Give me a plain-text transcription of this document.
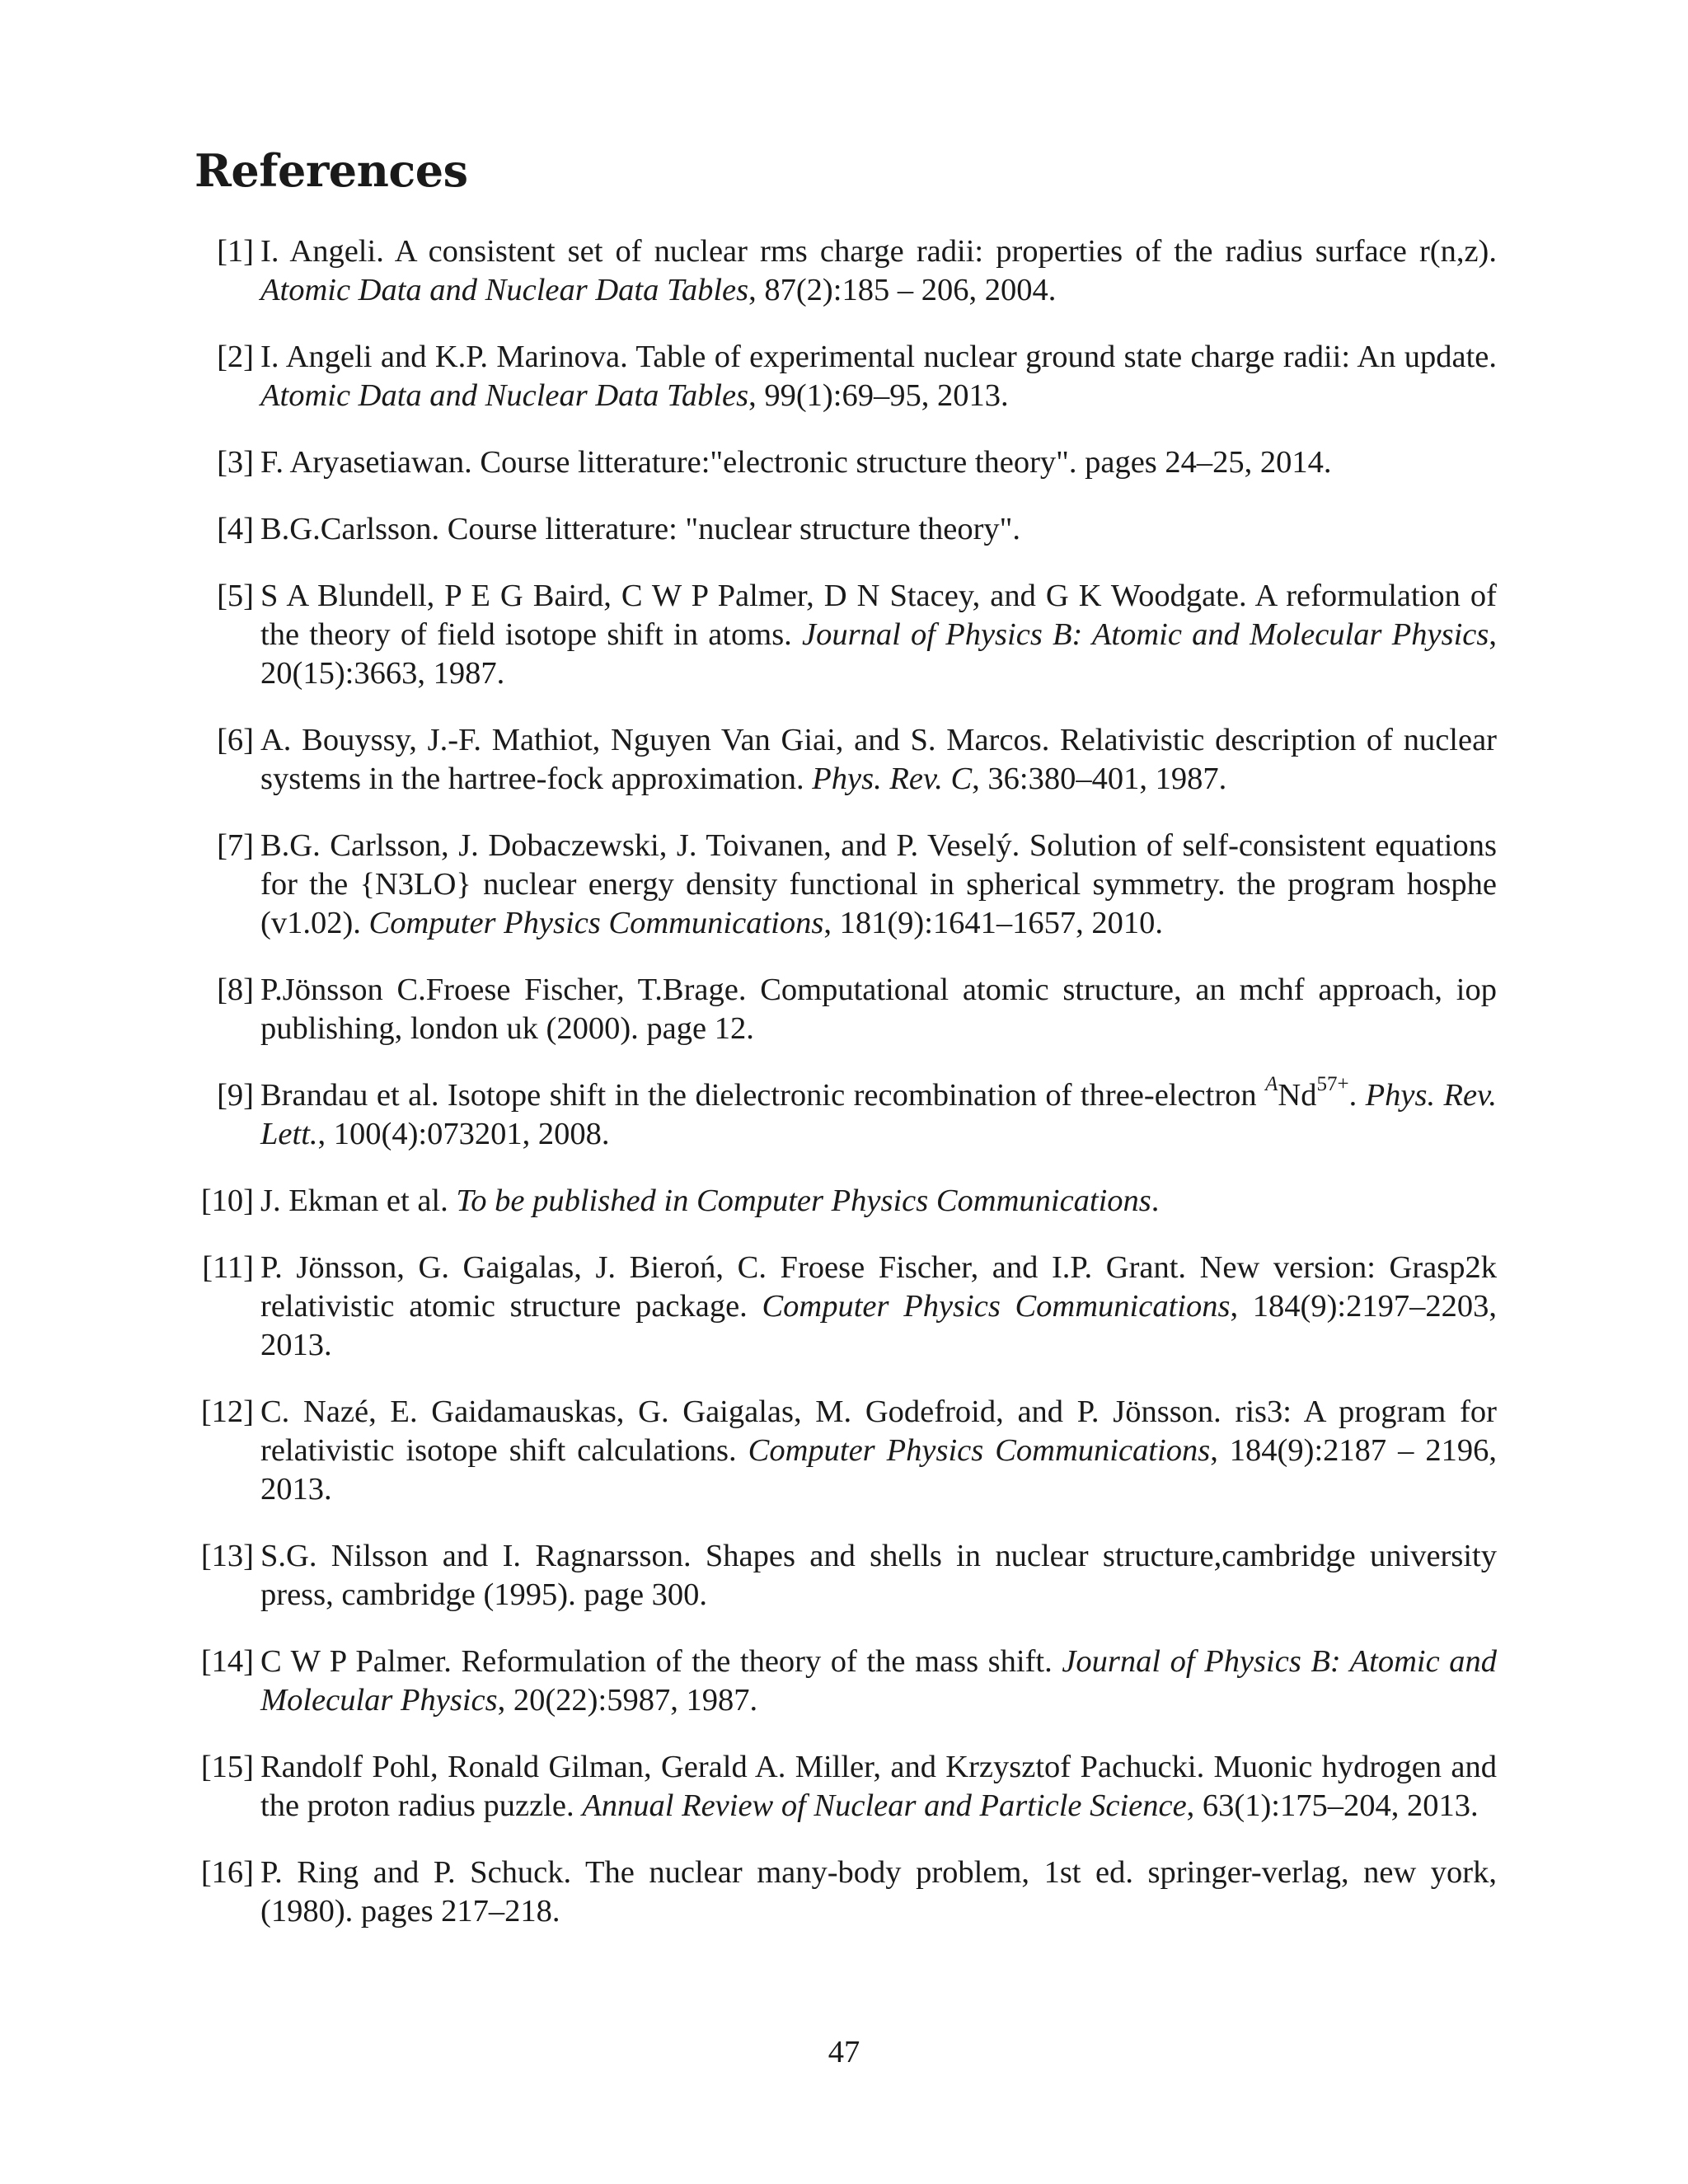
References
[1] I. Angeli. A consistent set of nuclear rms charge radii: properties of the radius surface r(n,z). Atomic Data and Nuclear Data Tables, 87(2):185 – 206, 2004.
[2] I. Angeli and K.P. Marinova. Table of experimental nuclear ground state charge radii: An update. Atomic Data and Nuclear Data Tables, 99(1):69–95, 2013.
[3] F. Aryasetiawan. Course litterature:"electronic structure theory". pages 24–25, 2014.
[4] B.G.Carlsson. Course litterature: "nuclear structure theory".
[5] S A Blundell, P E G Baird, C W P Palmer, D N Stacey, and G K Woodgate. A reformulation of the theory of field isotope shift in atoms. Journal of Physics B: Atomic and Molecular Physics, 20(15):3663, 1987.
[6] A. Bouyssy, J.-F. Mathiot, Nguyen Van Giai, and S. Marcos. Relativistic description of nuclear systems in the hartree-fock approximation. Phys. Rev. C, 36:380–401, 1987.
[7] B.G. Carlsson, J. Dobaczewski, J. Toivanen, and P. Veselý. Solution of self-consistent equations for the {N3LO} nuclear energy density functional in spherical symmetry. the program hosphe (v1.02). Computer Physics Communications, 181(9):1641–1657, 2010.
[8] P.Jönsson C.Froese Fischer, T.Brage. Computational atomic structure, an mchf approach, iop publishing, london uk (2000). page 12.
[9] Brandau et al. Isotope shift in the dielectronic recombination of three-electron $^ANd^{57+}$. Phys. Rev. Lett., 100(4):073201, 2008.
[10] J. Ekman et al. To be published in Computer Physics Communications.
[11] P. Jönsson, G. Gaigalas, J. Bieroń, C. Froese Fischer, and I.P. Grant. New version: Grasp2k relativistic atomic structure package. Computer Physics Communications, 184(9):2197–2203, 2013.
[12] C. Nazé, E. Gaidamauskas, G. Gaigalas, M. Godefroid, and P. Jönsson. ris3: A program for relativistic isotope shift calculations. Computer Physics Communications, 184(9):2187 – 2196, 2013.
[13] S.G. Nilsson and I. Ragnarsson. Shapes and shells in nuclear structure,cambridge university press, cambridge (1995). page 300.
[14] C W P Palmer. Reformulation of the theory of the mass shift. Journal of Physics B: Atomic and Molecular Physics, 20(22):5987, 1987.
[15] Randolf Pohl, Ronald Gilman, Gerald A. Miller, and Krzysztof Pachucki. Muonic hydrogen and the proton radius puzzle. Annual Review of Nuclear and Particle Science, 63(1):175–204, 2013.
[16] P. Ring and P. Schuck. The nuclear many-body problem, 1st ed. springer-verlag, new york, (1980). pages 217–218.
47
